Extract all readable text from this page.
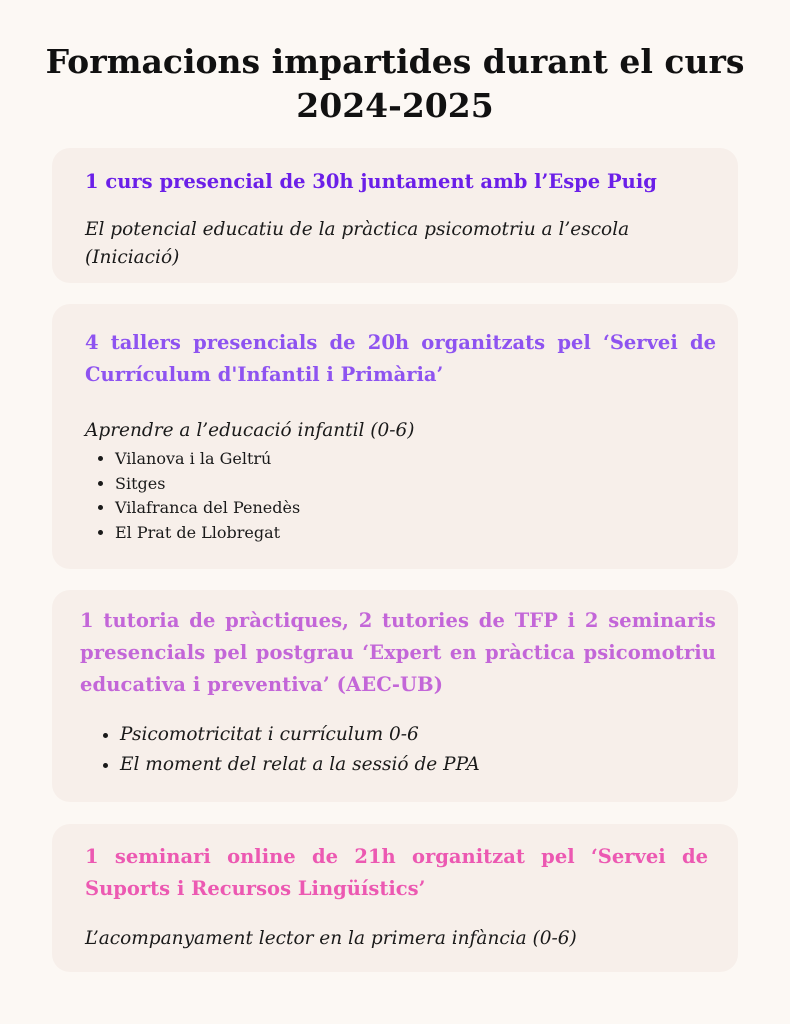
Formacions impartides durant el curs 2024-2025
1 curs presencial de 30h juntament amb l’Espe Puig

El potencial educatiu de la pràctica psicomotriu a l’escola (Iniciació)

4 tallers presencials de 20h organitzats pel ‘Servei de Currículum d'Infantil i Primària’

Aprendre a l’educació infantil (0-6)

• Vilanova i la Geltrú
• Sitges
• Vilafranca del Penedès
• El Prat de Llobregat
1 tutoria de pràctiques, 2 tutories de TFP i 2 seminaris presencials pel postgrau ‘Expert en pràctica psicomotriu educativa i preventiva’ (AEC-UB)
• Psicomotricitat i currículum 0-6
• El moment del relat a la sessió de PPA
1 seminari online de 21h organitzat pel ‘Servei de Suports i Recursos Lingüístics’

L’acompanyament lector en la primera infància (0-6)
